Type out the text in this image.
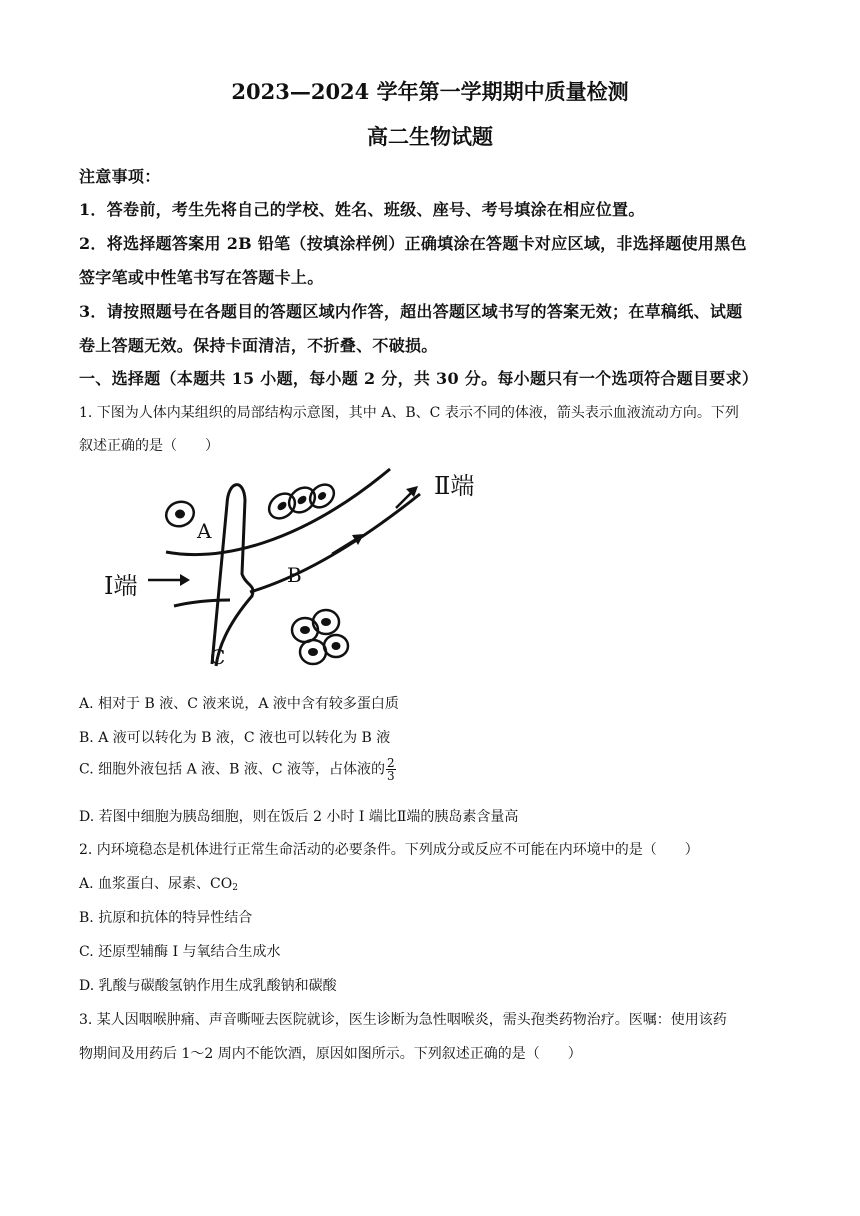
2023—2024 学年第一学期期中质量检测
高二生物试题
注意事项：
1．答卷前，考生先将自己的学校、姓名、班级、座号、考号填涂在相应位置。
2．将选择题答案用 2B 铅笔（按填涂样例）正确填涂在答题卡对应区域，非选择题使用黑色
签字笔或中性笔书写在答题卡上。
3．请按照题号在各题目的答题区域内作答，超出答题区域书写的答案无效；在草稿纸、试题
卷上答题无效。保持卡面清洁，不折叠、不破损。
一、选择题（本题共 15 小题，每小题 2 分，共 30 分。每小题只有一个选项符合题目要求）
1. 下图为人体内某组织的局部结构示意图，其中 A、B、C 表示不同的体液，箭头表示血液流动方向。下列
叙述正确的是（　　）
Ⅰ端
Ⅱ端
A
B
C
A. 相对于 B 液、C 液来说，A 液中含有较多蛋白质
B. A 液可以转化为 B 液，C 液也可以转化为 B 液
C. 细胞外液包括 A 液、B 液、C 液等，占体液的 $\frac{2}{3}$
D. 若图中细胞为胰岛细胞，则在饭后 2 小时 I 端比Ⅱ端的胰岛素含量高
2. 内环境稳态是机体进行正常生命活动的必要条件。下列成分或反应不可能在内环境中的是（　　）
A. 血浆蛋白、尿素、$CO_2$
B. 抗原和抗体的特异性结合
C. 还原型辅酶 I 与氧结合生成水
D. 乳酸与碳酸氢钠作用生成乳酸钠和碳酸
3. 某人因咽喉肿痛、声音嘶哑去医院就诊，医生诊断为急性咽喉炎，需头孢类药物治疗。医嘱：使用该药
物期间及用药后 1～2 周内不能饮酒，原因如图所示。下列叙述正确的是（　　）
